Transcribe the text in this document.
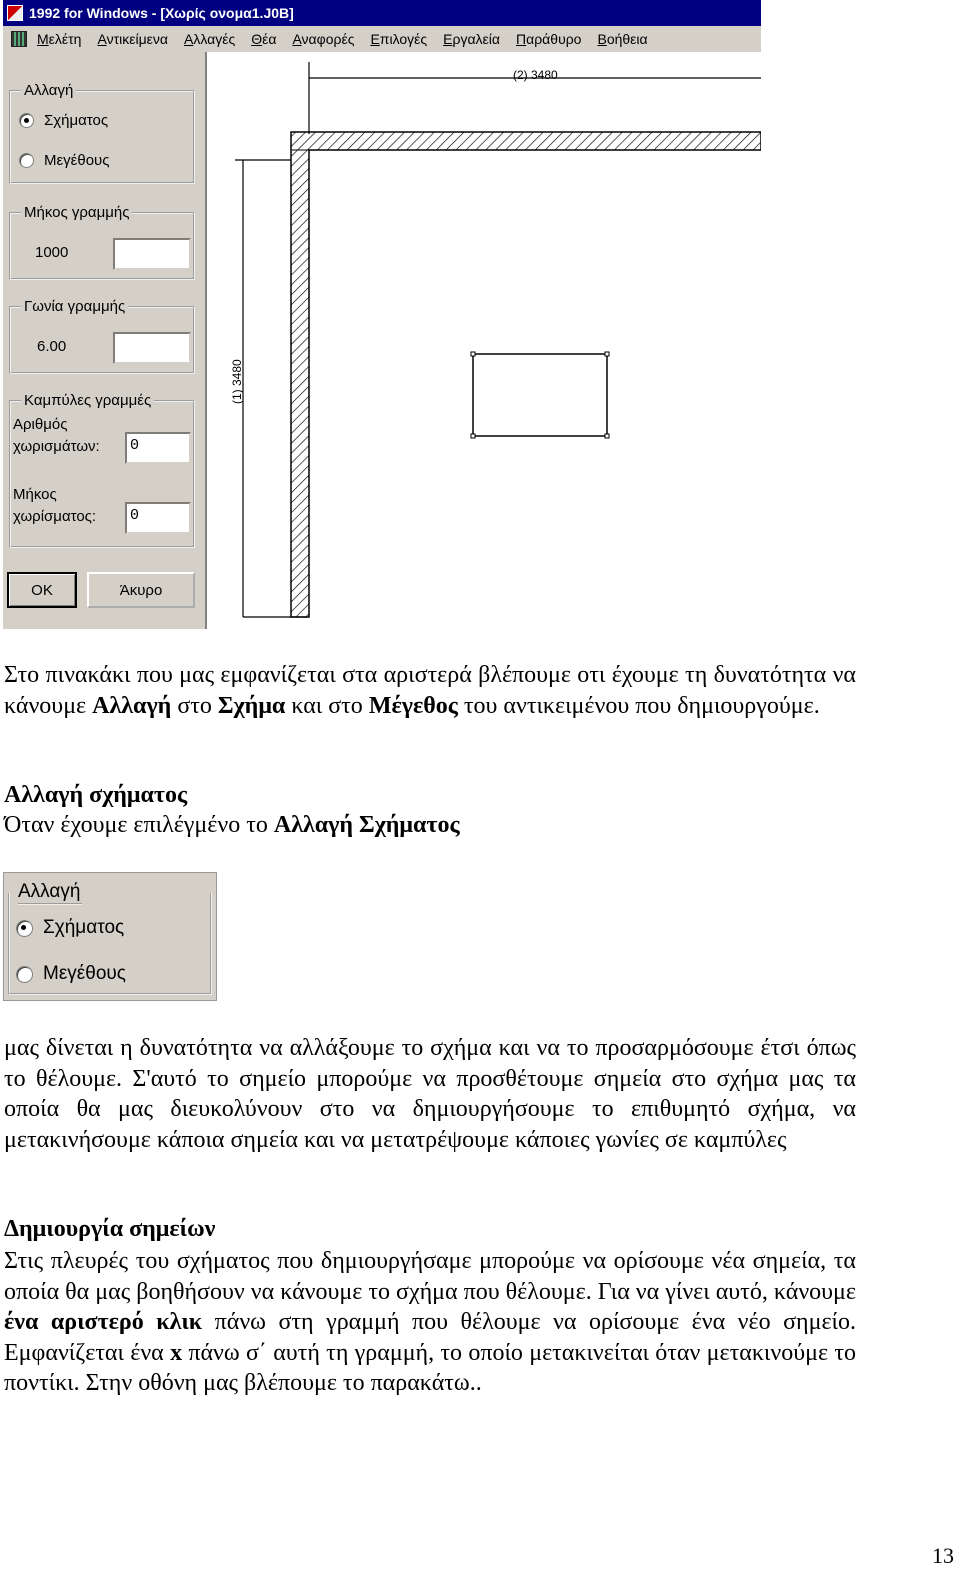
1992 for Windows - [Χωρίς ονομα1.J0B]
Μελέτη Αντικείμενα Αλλαγές Θέα Αναφορές Επιλογές Εργαλεία Παράθυρο Βοήθεια
Αλλαγή
Σχήματος
Μεγέθους
Μήκος γραμμής
1000
Γωνία γραμμής
6.00
Καμπύλες γραμμές
Αριθμός
χωρισμάτων:	0
Μήκος
χωρίσματος:	0
OK	Άκυρο
(2) 3480
(1) 3480

Στο πινακάκι που μας εμφανίζεται στα αριστερά βλέπουμε οτι έχουμε τη δυνατότητα να κάνουμε Αλλαγή στο Σχήμα και στο Μέγεθος του αντικειμένου που δημιουργούμε.

Αλλαγή σχήματος

Όταν έχουμε επιλέγμένο το Αλλαγή Σχήματος

Αλλαγή
Σχήματος
Μεγέθους

μας δίνεται η δυνατότητα να αλλάξουμε το σχήμα και να το προσαρμόσουμε έτσι όπως το θέλουμε. Σ'αυτό το σημείο μπορούμε να προσθέτουμε σημεία στο σχήμα μας τα οποία θα μας διευκολύνουν στο να δημιουργήσουμε το επιθυμητό σχήμα, να μετακινήσουμε κάποια σημεία και να μετατρέψουμε κάποιες γωνίες σε καμπύλες

Δημιουργία σημείων

Στις πλευρές του σχήματος που δημιουργήσαμε μπορούμε να ορίσουμε νέα σημεία, τα οποία θα μας βοηθήσουν να κάνουμε το σχήμα που θέλουμε. Για να γίνει αυτό, κάνουμε ένα αριστερό κλικ πάνω στη γραμμή που θέλουμε να ορίσουμε ένα νέο σημείο. Εμφανίζεται ένα x πάνω σ΄ αυτή τη γραμμή, το οποίο μετακινείται όταν μετακινούμε το ποντίκι. Στην οθόνη μας βλέπουμε το παρακάτω..

13
